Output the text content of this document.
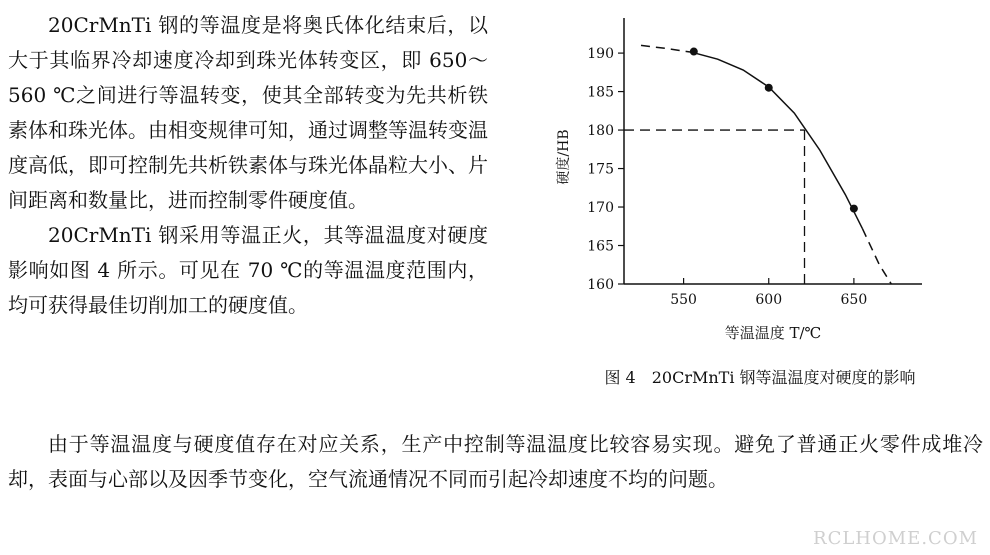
20CrMnTi 钢的等温度是将奥氏体化结束后，以大于其临界冷却速度冷却到珠光体转变区，即 650～560 ℃之间进行等温转变，使其全部转变为先共析铁素体和珠光体。由相变规律可知，通过调整等温转变温度高低，即可控制先共析铁素体与珠光体晶粒大小、片间距离和数量比，进而控制零件硬度值。

20CrMnTi 钢采用等温正火，其等温温度对硬度影响如图 4 所示。可见在 70 ℃的等温温度范围内，均可获得最佳切削加工的硬度值。

160
165
170
175
180
185
190
550	600	650
等温温度 T/℃
硬度/HB
图 4　20CrMnTi 钢等温温度对硬度的影响

由于等温温度与硬度值存在对应关系，生产中控制等温温度比较容易实现。避免了普通正火零件成堆冷却，表面与心部以及因季节变化，空气流通情况不同而引起冷却速度不均的问题。

RCLHOME.COM
